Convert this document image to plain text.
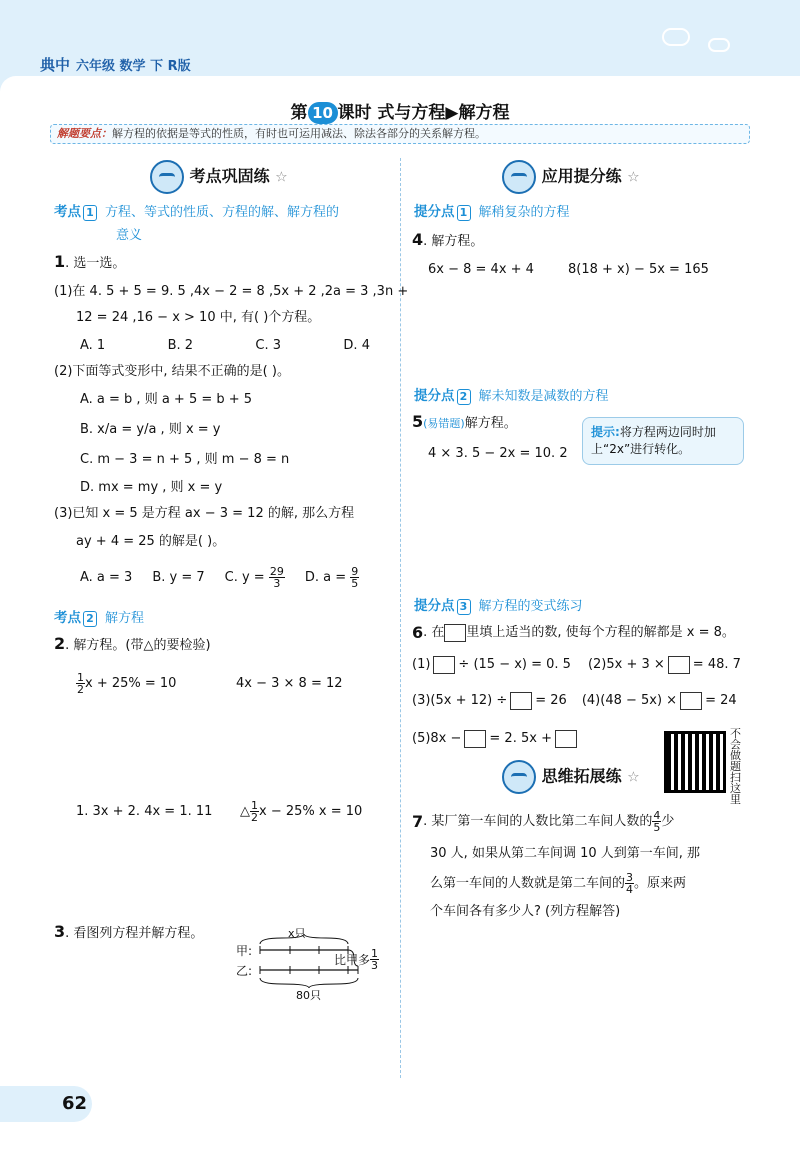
典中 六年级 数学 下 R版
第 10 课时 式与方程▶解方程
解题要点：解方程的依据是等式的性质，有时也可运用减法、除法各部分的关系解方程。
考点巩固练 ☆
考点 1 方程、等式的性质、方程的解、解方程的
意义
1. 选一选。
(1)在 4. 5 + 5 = 9. 5 ,4x − 2 = 8 ,5x + 2 ,2a = 3 ,3n +
12 = 24 ,16 − x > 10 中, 有( )个方程。
A. 1	B. 2	C. 3	D. 4
(2)下面等式变形中, 结果不正确的是( )。
A. a = b , 则 a + 5 = b + 5
B. x/a = y/a , 则 x = y
C. m − 3 = n + 5 , 则 m − 8 = n
D. mx = my , 则 x = y
(3)已知 x = 5 是方程 ax − 3 = 12 的解, 那么方程
ay + 4 = 25 的解是( )。
A. a = 3 B. y = 7 C. $y = \frac{29}{3} D$. $a = \frac{9}{5}$
考点 2 解方程
2. 解方程。(带△的要检验)
$\frac{1}{2}$ x + 25% = 10	4x − 3 × 8 = 12
1. 3x + 2. 4x = 1. 11 △ $\frac{1}{2}$ x − 25% x = 10
3. 看图列方程并解方程。	x只
甲:
乙:
比甲多 $\frac{1}{3}$
80只
应用提分练 ☆
提分点 1 解稍复杂的方程
4. 解方程。
6x − 8 = 4x + 4	8(18 + x) − 5x = 165
提分点 2 解未知数是减数的方程
5(易错题)解方程。
4 × 3. 5 − 2x = 10. 2
提示:将方程两边同时加上“2x”进行转化。
提分点 3 解方程的变式练习
6 . 在 里填上适当的数, 使每个方程的解都是 x = 8。
(1) ÷ (15 − x) = 0. 5 (2)5x + 3 × = 48. 7
(3)(5x + 12) ÷ = 26 (4)(48 − 5x) × = 24
(5)8x − = 2. 5x +	不会做题扫这里
思维拓展练 ☆
7 . 某厂第一车间的人数比第二车间人数的 $\frac{4}{5}$ 少
30 人, 如果从第二车间调 10 人到第一车间, 那
么第一车间的人数就是第二车间的 $\frac{3}{4}$ 。原来两
个车间各有多少人? (列方程解答)
62
